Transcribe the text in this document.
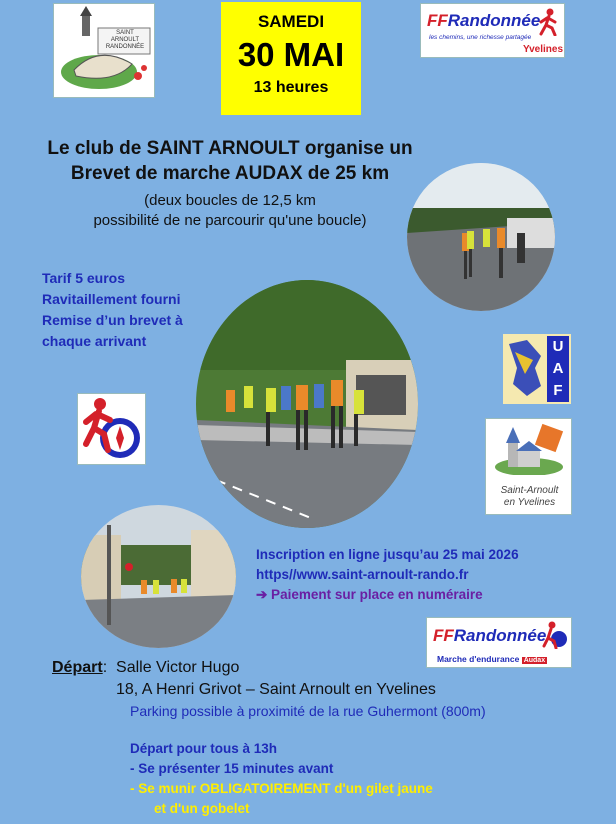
SAINT
ARNOULT
RANDONNÉE
SAMEDI
30 MAI
13 heures
FFRandonnée
les chemins, une richesse partagée
Yvelines
Le club de SAINT ARNOULT organise un
Brevet de marche AUDAX de 25 km
(deux boucles de 12,5 km
possibilité de ne parcourir qu'une boucle)
Tarif 5 euros
Ravitaillement fourni
Remise d’un brevet à
chaque arrivant	U
A
F
Saint-Arnoult
en Yvelines
Inscription en ligne jusqu’au 25 mai 2026
https//www.saint-arnoult-rando.fr
➔ Paiement sur place en numéraire
FFRandonnée
Marche d'endurance Audax
Départ:  Salle Victor Hugo
18, A Henri Grivot – Saint Arnoult en Yvelines
Parking possible à proximité de la rue Guhermont (800m)
Départ pour tous à 13h
- Se présenter 15 minutes avant
- Se munir OBLIGATOIREMENT d'un gilet jaune
et d'un gobelet
